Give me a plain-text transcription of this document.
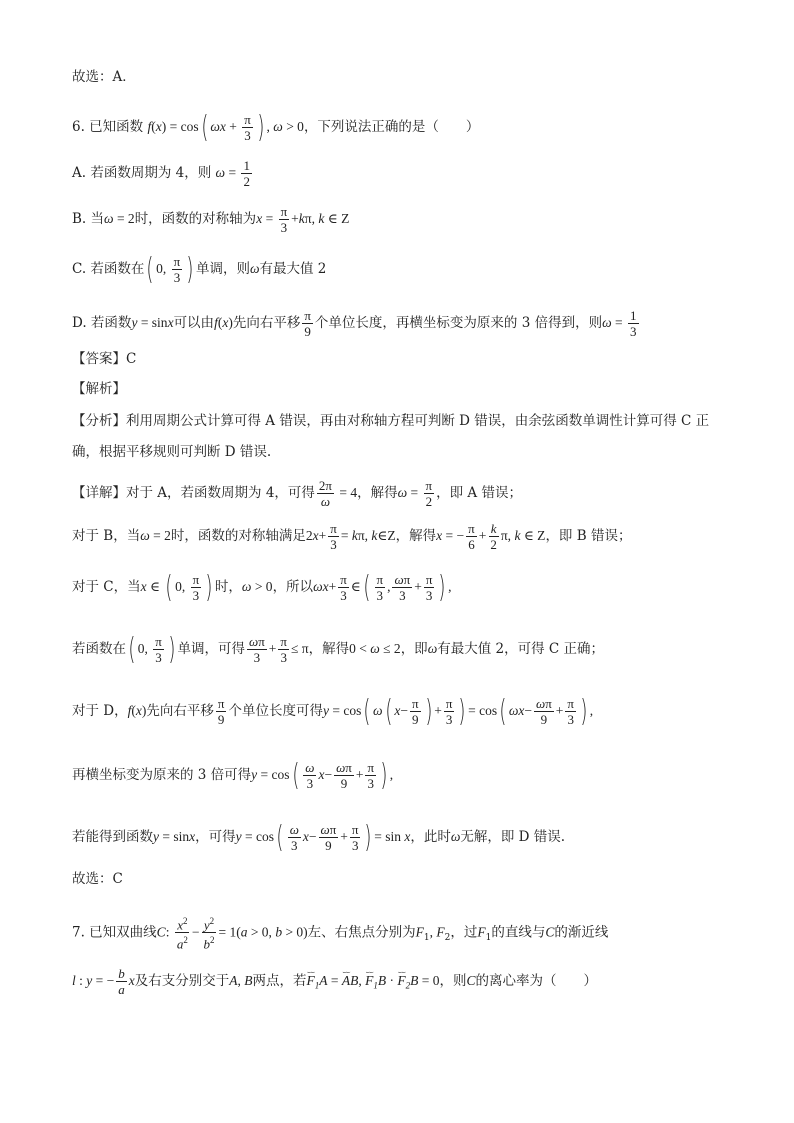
故选：A．
6. 已知函数 f(x) = cos( $\omega x + \frac{\pi}{3}$ ) , ω > 0，下列说法正确的是（　　）
A. 若函数周期为 4，则 $\omega = \frac{1}{2}$
B. 当ω = 2时，函数的对称轴为$x = \frac{\pi}{3} +k\pi$, k ∈ Z
C. 若函数在( 0, $\frac{\pi}{3}$ ) 单调，则ω有最大值 2
D. 若函数y = sinx可以由f(x)先向右平移 $\frac{\pi}{9}$ 个单位长度，再横坐标变为原来的 3 倍得到，则$\omega = \frac{1}{3}$
【答案】C
【解析】
【分析】利用周期公式计算可得 A 错误，再由对称轴方程可判断 D 错误，由余弦函数单调性计算可得 C 正
确，根据平移规则可判断 D 错误.
【详解】对于 A，若函数周期为 4，可得 $\frac{2\pi}{\omega} = 4$，解得$\omega = \frac{\pi}{2}$ ，即 A 错误；
对于 B，当ω = 2时，函数的对称轴满足$2x+ \frac{\pi}{3} = k\pi$, k∈Z，解得x = − $\frac{\pi}{6} + \frac{k}{2} \pi$, k ∈ Z，即 B 错误；
对于 C，当x ∈ ( 0, $\frac{\pi}{3}$ ) 时，ω > 0，所以$\omega x+ \frac{\pi}{3}$ ∈( $\frac{\pi}{3}$ , $\frac{\omega\pi}{3} + \frac{\pi}{3}$ ) ,
若函数在( 0, $\frac{\pi}{3}$ ) 单调，可得 $\frac{\omega\pi}{3} + \frac{\pi}{3} \le \pi$，解得0 < ω ≤ 2，即ω有最大值 2，可得 C 正确；
对于 D，f(x)先向右平移 $\frac{\pi}{9}$ 个单位长度可得y = cos( ω( $x- \frac{\pi}{9}$ ) + $\frac{\pi}{3}$ ) = cos( $\omega x- \frac{\omega\pi}{9} + \frac{\pi}{3}$ ) ,
再横坐标变为原来的 3 倍可得$y = \cos( \frac{\omega}{3} x- \frac{\omega\pi}{9} + \frac{\pi}{3}$ ) ,
若能得到函数y = sinx，可得$y = \cos( \frac{\omega}{3} x- \frac{\omega\pi}{9} + \frac{\pi}{3}$ ) = sin x，此时ω无解，即 D 错误.
故选：C
7. 已知双曲线C: $\frac{x^2}{a^2} - \frac{y^2}{b^2} = 1(a > 0$, b > 0)左、右焦点分别为$F_1$, $F_2$，过$F_1$的直线与C的渐近线
l : y = − $\frac{b}{a}$ x及右支分别交于A, B两点，若⌣⌣ $F_1A$ = ⌣⌣ AB, ⌣⌣ $F_1B$ · ⌣⌣ $F_2B = 0$，则C的离心率为（　　）
